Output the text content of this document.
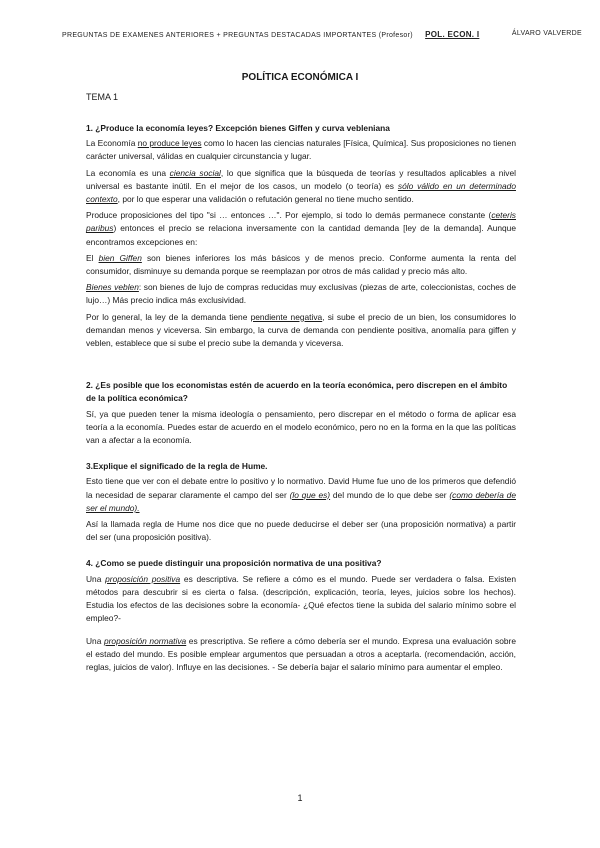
PREGUNTAS DE EXAMENES ANTERIORES + PREGUNTAS DESTACADAS IMPORTANTES (Profesor) POL. ECON. I	ÁLVARO VALVERDE
POLÍTICA ECONÓMICA I
TEMA 1
1. ¿Produce la economía leyes? Excepción bienes Giffen y curva vebleniana

La Economía no produce leyes como lo hacen las ciencias naturales [Física, Química]. Sus proposiciones no tienen carácter universal, válidas en cualquier circunstancia y lugar.

La economía es una ciencia social, lo que significa que la búsqueda de teorías y resultados aplicables a nivel universal es bastante inútil. En el mejor de los casos, un modelo (o teoría) es sólo válido en un determinado contexto, por lo que esperar una validación o refutación general no tiene mucho sentido.

Produce proposiciones del tipo "si … entonces …". Por ejemplo, si todo lo demás permanece constante (ceteris paribus) entonces el precio se relaciona inversamente con la cantidad demanda [ley de la demanda]. Aunque encontramos excepciones en:

El bien Giffen son bienes inferiores los más básicos y de menos precio. Conforme aumenta la renta del consumidor, disminuye su demanda porque se reemplazan por otros de más calidad y precio más alto.

Bienes veblen: son bienes de lujo de compras reducidas muy exclusivas (piezas de arte, coleccionistas, coches de lujo…) Más precio indica más exclusividad.

Por lo general, la ley de la demanda tiene pendiente negativa, si sube el precio de un bien, los consumidores lo demandan menos y viceversa. Sin embargo, la curva de demanda con pendiente positiva, anomalía para giffen y veblen, establece que si sube el precio sube la demanda y viceversa.

2. ¿Es posible que los economistas estén de acuerdo en la teoría económica, pero discrepen en el ámbito de la política económica?

Sí, ya que pueden tener la misma ideología o pensamiento, pero discrepar en el método o forma de aplicar esa teoría a la economía. Puedes estar de acuerdo en el modelo económico, pero no en la forma en la que las políticas van a afectar a la economía.

3.Explique el significado de la regla de Hume.

Esto tiene que ver con el debate entre lo positivo y lo normativo. David Hume fue uno de los primeros que defendió la necesidad de separar claramente el campo del ser (lo que es) del mundo de lo que debe ser (como debería de ser el mundo).

Así la llamada regla de Hume nos dice que no puede deducirse el deber ser (una proposición normativa) a partir del ser (una proposición positiva).

4. ¿Como se puede distinguir una proposición normativa de una positiva?

Una proposición positiva es descriptiva. Se refiere a cómo es el mundo. Puede ser verdadera o falsa. Existen métodos para descubrir si es cierta o falsa. (descripción, explicación, teoría, leyes, juicios sobre los hechos). Estudia los efectos de las decisiones sobre la economía- ¿Qué efectos tiene la subida del salario mínimo sobre el empleo?-

Una proposición normativa es prescriptiva. Se refiere a cómo debería ser el mundo. Expresa una evaluación sobre el estado del mundo. Es posible emplear argumentos que persuadan a otros a aceptarla. (recomendación, acción, reglas, juicios de valor). Influye en las decisiones. - Se debería bajar el salario mínimo para aumentar el empleo.

1
